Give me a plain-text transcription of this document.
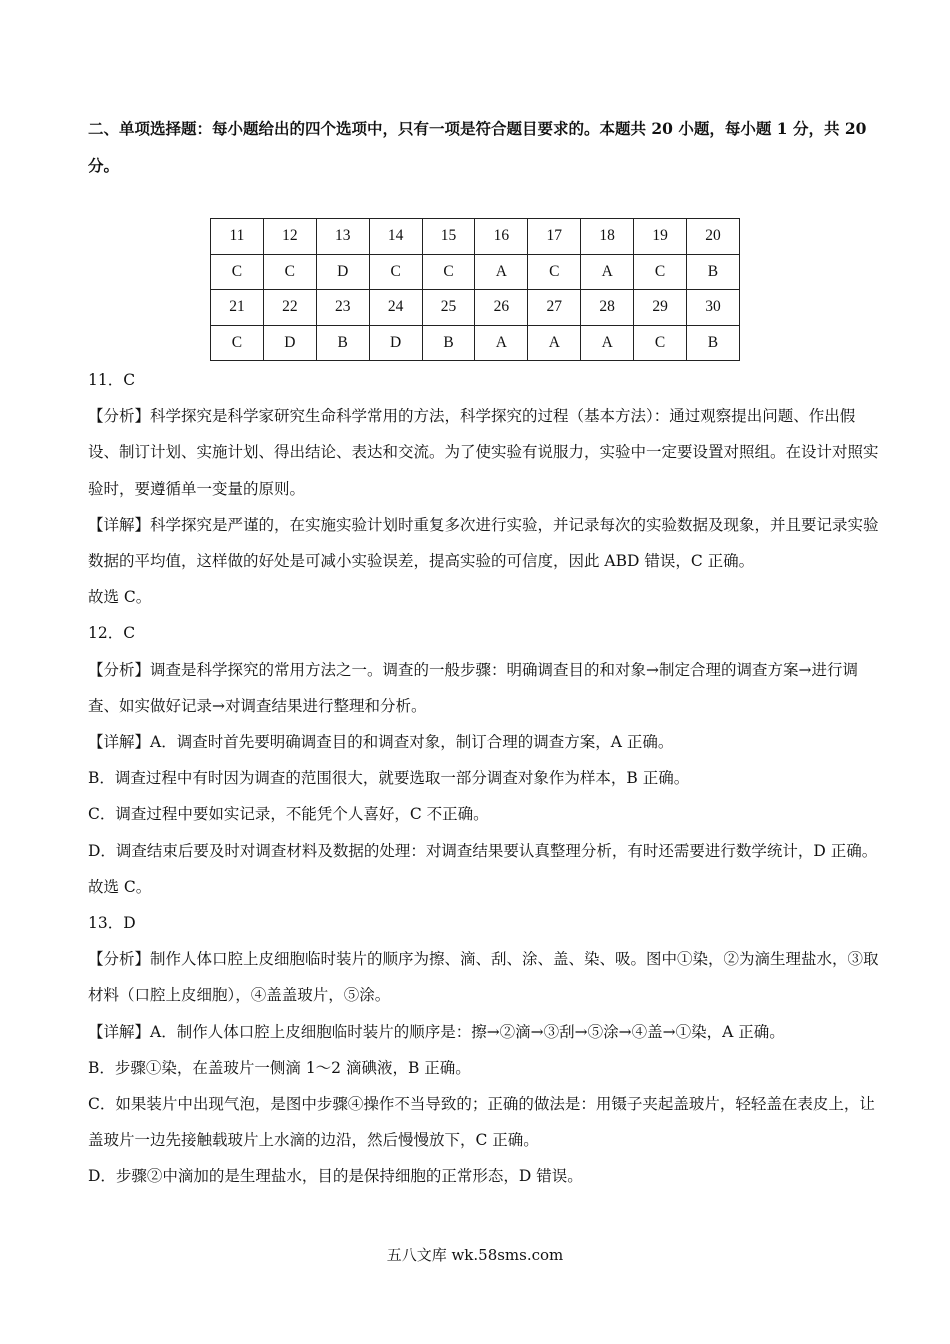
二、单项选择题：每小题给出的四个选项中，只有一项是符合题目要求的。本题共 20 小题，每小题 1 分，共 20 分。
11	12	13	14	15	16	17	18	19	20
C	C	D	C	C	A	C	A	C	B
21	22	23	24	25	26	27	28	29	30
C	D	B	D	B	A	A	A	C	B

11．C

【分析】科学探究是科学家研究生命科学常用的方法，科学探究的过程（基本方法）：通过观察提出问题、作出假设、制订计划、实施计划、得出结论、表达和交流。为了使实验有说服力，实验中一定要设置对照组。在设计对照实验时，要遵循单一变量的原则。

【详解】科学探究是严谨的，在实施实验计划时重复多次进行实验，并记录每次的实验数据及现象，并且要记录实验数据的平均值，这样做的好处是可减小实验误差，提高实验的可信度，因此 ABD 错误，C 正确。

故选 C。

12．C

【分析】调查是科学探究的常用方法之一。调查的一般步骤：明确调查目的和对象→制定合理的调查方案→进行调查、如实做好记录→对调查结果进行整理和分析。

【详解】A．调查时首先要明确调查目的和调查对象，制订合理的调查方案，A 正确。

B．调查过程中有时因为调查的范围很大，就要选取一部分调查对象作为样本，B 正确。

C．调查过程中要如实记录，不能凭个人喜好，C 不正确。

D．调查结束后要及时对调查材料及数据的处理：对调查结果要认真整理分析，有时还需要进行数学统计，D 正确。

故选 C。

13．D

【分析】制作人体口腔上皮细胞临时装片的顺序为擦、滴、刮、涂、盖、染、吸。图中①染，②为滴生理盐水，③取材料（口腔上皮细胞），④盖盖玻片，⑤涂。

【详解】A．制作人体口腔上皮细胞临时装片的顺序是：擦→②滴→③刮→⑤涂→④盖→①染，A 正确。

B．步骤①染，在盖玻片一侧滴 1～2 滴碘液，B 正确。

C．如果装片中出现气泡，是图中步骤④操作不当导致的；正确的做法是：用镊子夹起盖玻片，轻轻盖在表皮上，让盖玻片一边先接触载玻片上水滴的边沿，然后慢慢放下，C 正确。

D．步骤②中滴加的是生理盐水，目的是保持细胞的正常形态，D 错误。

五八文库 wk.58sms.com
